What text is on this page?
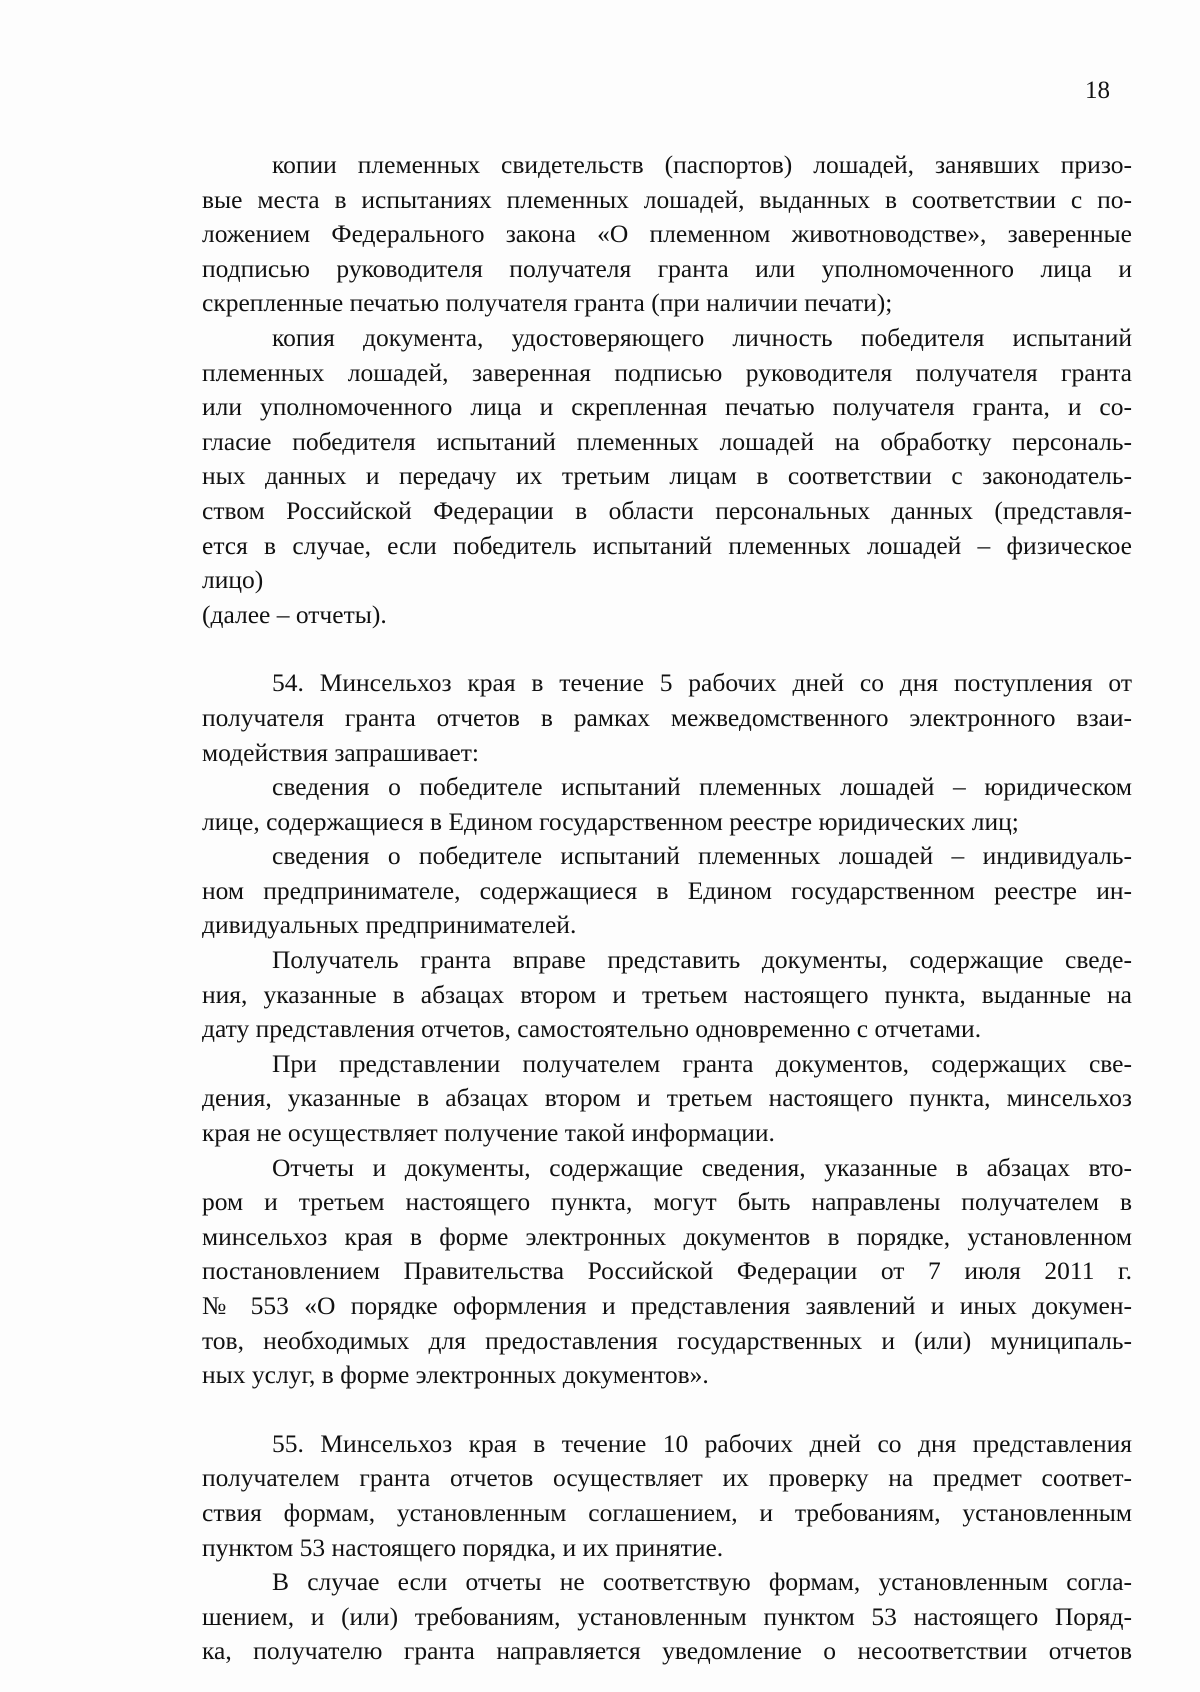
18

копии племенных свидетельств (паспортов) лошадей, занявших призо-
вые места в испытаниях племенных лошадей, выданных в соответствии с по-
ложением Федерального закона «О племенном животноводстве», заверенные
подписью руководителя получателя гранта или уполномоченного лица и
скрепленные печатью получателя гранта (при наличии печати);

копия документа, удостоверяющего личность победителя испытаний
племенных лошадей, заверенная подписью руководителя получателя гранта
или уполномоченного лица и скрепленная печатью получателя гранта, и со-
гласие победителя испытаний племенных лошадей на обработку персональ-
ных данных и передачу их третьим лицам в соответствии с законодатель-
ством Российской Федерации в области персональных данных (представля-
ется в случае, если победитель испытаний племенных лошадей – физическое
лицо)

(далее – отчеты).

54. Минсельхоз края в течение 5 рабочих дней со дня поступления от
получателя гранта отчетов в рамках межведомственного электронного взаи-
модействия запрашивает:

сведения о победителе испытаний племенных лошадей – юридическом
лице, содержащиеся в Едином государственном реестре юридических лиц;

сведения о победителе испытаний племенных лошадей – индивидуаль-
ном предпринимателе, содержащиеся в Едином государственном реестре ин-
дивидуальных предпринимателей.

Получатель гранта вправе представить документы, содержащие сведе-
ния, указанные в абзацах втором и третьем настоящего пункта, выданные на
дату представления отчетов, самостоятельно одновременно с отчетами.

При представлении получателем гранта документов, содержащих све-
дения, указанные в абзацах втором и третьем настоящего пункта, минсельхоз
края не осуществляет получение такой информации.

Отчеты и документы, содержащие сведения, указанные в абзацах вто-
ром и третьем настоящего пункта, могут быть направлены получателем в
минсельхоз края в форме электронных документов в порядке, установленном
постановлением Правительства Российской Федерации от 7 июля 2011 г.
№ 553 «О порядке оформления и представления заявлений и иных докумен-
тов, необходимых для предоставления государственных и (или) муниципаль-
ных услуг, в форме электронных документов».

55. Минсельхоз края в течение 10 рабочих дней со дня представления
получателем гранта отчетов осуществляет их проверку на предмет соответ-
ствия формам, установленным соглашением, и требованиям, установленным
пунктом 53 настоящего порядка, и их принятие.

В случае если отчеты не соответствую формам, установленным согла-
шением, и (или) требованиям, установленным пунктом 53 настоящего Поряд-
ка, получателю гранта направляется уведомление о несоответствии отчетов
